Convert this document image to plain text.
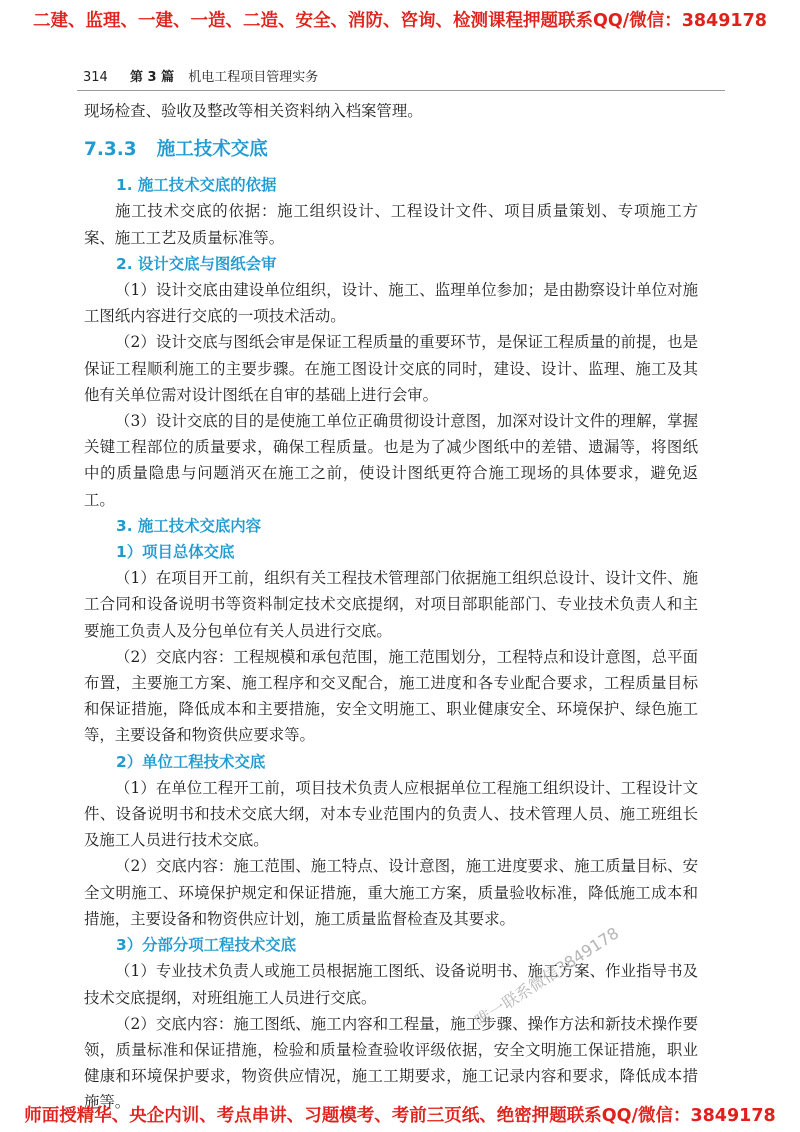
二建、监理、一建、一造、二造、安全、消防、咨询、检测课程押题联系QQ/微信：3849178
314 第 3 篇 机电工程项目管理实务

现场检查、验收及整改等相关资料纳入档案管理。

7.3.3 施工技术交底
1. 施工技术交底的依据

施工技术交底的依据：施工组织设计、工程设计文件、项目质量策划、专项施工方案、施工工艺及质量标准等。

2. 设计交底与图纸会审

（1）设计交底由建设单位组织，设计、施工、监理单位参加；是由勘察设计单位对施工图纸内容进行交底的一项技术活动。

（2）设计交底与图纸会审是保证工程质量的重要环节，是保证工程质量的前提，也是保证工程顺利施工的主要步骤。在施工图设计交底的同时，建设、设计、监理、施工及其他有关单位需对设计图纸在自审的基础上进行会审。

（3）设计交底的目的是使施工单位正确贯彻设计意图，加深对设计文件的理解，掌握关键工程部位的质量要求，确保工程质量。也是为了减少图纸中的差错、遗漏等，将图纸中的质量隐患与问题消灭在施工之前，使设计图纸更符合施工现场的具体要求，避免返工。

3. 施工技术交底内容
1）项目总体交底

（1）在项目开工前，组织有关工程技术管理部门依据施工组织总设计、设计文件、施工合同和设备说明书等资料制定技术交底提纲，对项目部职能部门、专业技术负责人和主要施工负责人及分包单位有关人员进行交底。

（2）交底内容：工程规模和承包范围，施工范围划分，工程特点和设计意图，总平面布置，主要施工方案、施工程序和交叉配合，施工进度和各专业配合要求，工程质量目标和保证措施，降低成本和主要措施，安全文明施工、职业健康安全、环境保护、绿色施工等，主要设备和物资供应要求等。

2）单位工程技术交底

（1）在单位工程开工前，项目技术负责人应根据单位工程施工组织设计、工程设计文件、设备说明书和技术交底大纲，对本专业范围内的负责人、技术管理人员、施工班组长及施工人员进行技术交底。

（2）交底内容：施工范围、施工特点、设计意图，施工进度要求、施工质量目标、安全文明施工、环境保护规定和保证措施，重大施工方案，质量验收标准，降低施工成本和措施，主要设备和物资供应计划，施工质量监督检查及其要求。

3）分部分项工程技术交底

（1）专业技术负责人或施工员根据施工图纸、设备说明书、施工方案、作业指导书及技术交底提纲，对班组施工人员进行交底。

（2）交底内容：施工图纸、施工内容和工程量，施工步骤、操作方法和新技术操作要领，质量标准和保证措施，检验和质量检查验收评级依据，安全文明施工保证措施，职业健康和环境保护要求，物资供应情况，施工工期要求，施工记录内容和要求，降低成本措施等。

唯一联系微信3849178
师面授精华、央企内训、考点串讲、习题模考、考前三页纸、绝密押题联系QQ/微信：3849178
